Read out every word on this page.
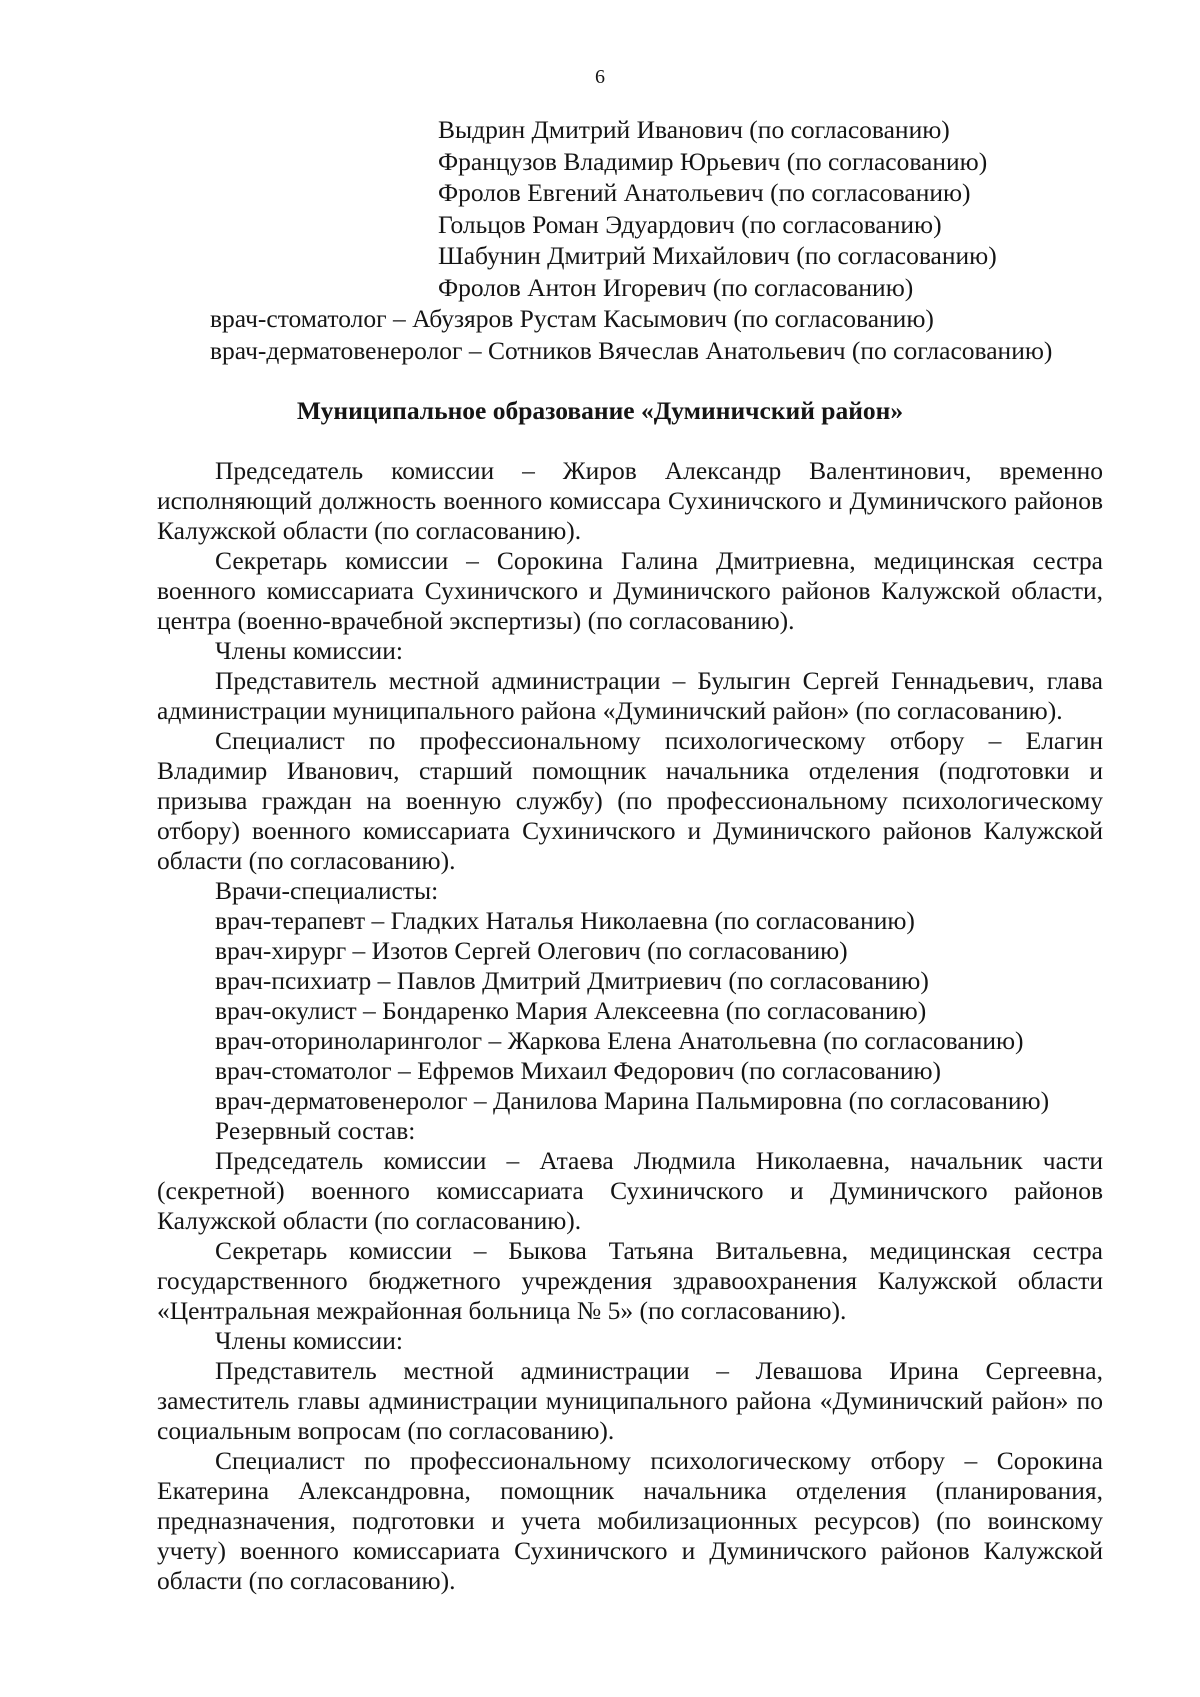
6
Выдрин Дмитрий Иванович (по согласованию)
Французов Владимир Юрьевич (по согласованию)
Фролов Евгений Анатольевич (по согласованию)
Гольцов Роман Эдуардович (по согласованию)
Шабунин Дмитрий Михайлович (по согласованию)
Фролов Антон Игоревич (по согласованию)
врач-стоматолог – Абузяров Рустам Касымович (по согласованию)
врач-дерматовенеролог – Сотников Вячеслав Анатольевич (по согласованию)
Муниципальное образование «Думиничский район»

Председатель комиссии – Жиров Александр Валентинович, временно исполняющий должность военного комиссара Сухиничского и Думиничского районов Калужской области (по согласованию).

Секретарь комиссии – Сорокина Галина Дмитриевна, медицинская сестра военного комиссариата Сухиничского и Думиничского районов Калужской области, центра (военно-врачебной экспертизы) (по согласованию).

Члены комиссии:

Представитель местной администрации – Булыгин Сергей Геннадьевич, глава администрации муниципального района «Думиничский район» (по согласованию).

Специалист по профессиональному психологическому отбору – Елагин Владимир Иванович, старший помощник начальника отделения (подготовки и призыва граждан на военную службу) (по профессиональному психологическому отбору) военного комиссариата Сухиничского и Думиничского районов Калужской области (по согласованию).

Врачи-специалисты:

врач-терапевт – Гладких Наталья Николаевна (по согласованию)

врач-хирург – Изотов Сергей Олегович (по согласованию)

врач-психиатр – Павлов Дмитрий Дмитриевич (по согласованию)

врач-окулист – Бондаренко Мария Алексеевна (по согласованию)

врач-оториноларинголог – Жаркова Елена Анатольевна (по согласованию)

врач-стоматолог – Ефремов Михаил Федорович (по согласованию)

врач-дерматовенеролог – Данилова Марина Пальмировна (по согласованию)

Резервный состав:

Председатель комиссии – Атаева Людмила Николаевна, начальник части (секретной) военного комиссариата Сухиничского и Думиничского районов Калужской области (по согласованию).

Секретарь комиссии – Быкова Татьяна Витальевна, медицинская сестра государственного бюджетного учреждения здравоохранения Калужской области «Центральная межрайонная больница № 5» (по согласованию).

Члены комиссии:

Представитель местной администрации – Левашова Ирина Сергеевна, заместитель главы администрации муниципального района «Думиничский район» по социальным вопросам (по согласованию).

Специалист по профессиональному психологическому отбору – Сорокина Екатерина Александровна, помощник начальника отделения (планирования, предназначения, подготовки и учета мобилизационных ресурсов) (по воинскому учету) военного комиссариата Сухиничского и Думиничского районов Калужской области (по согласованию).
